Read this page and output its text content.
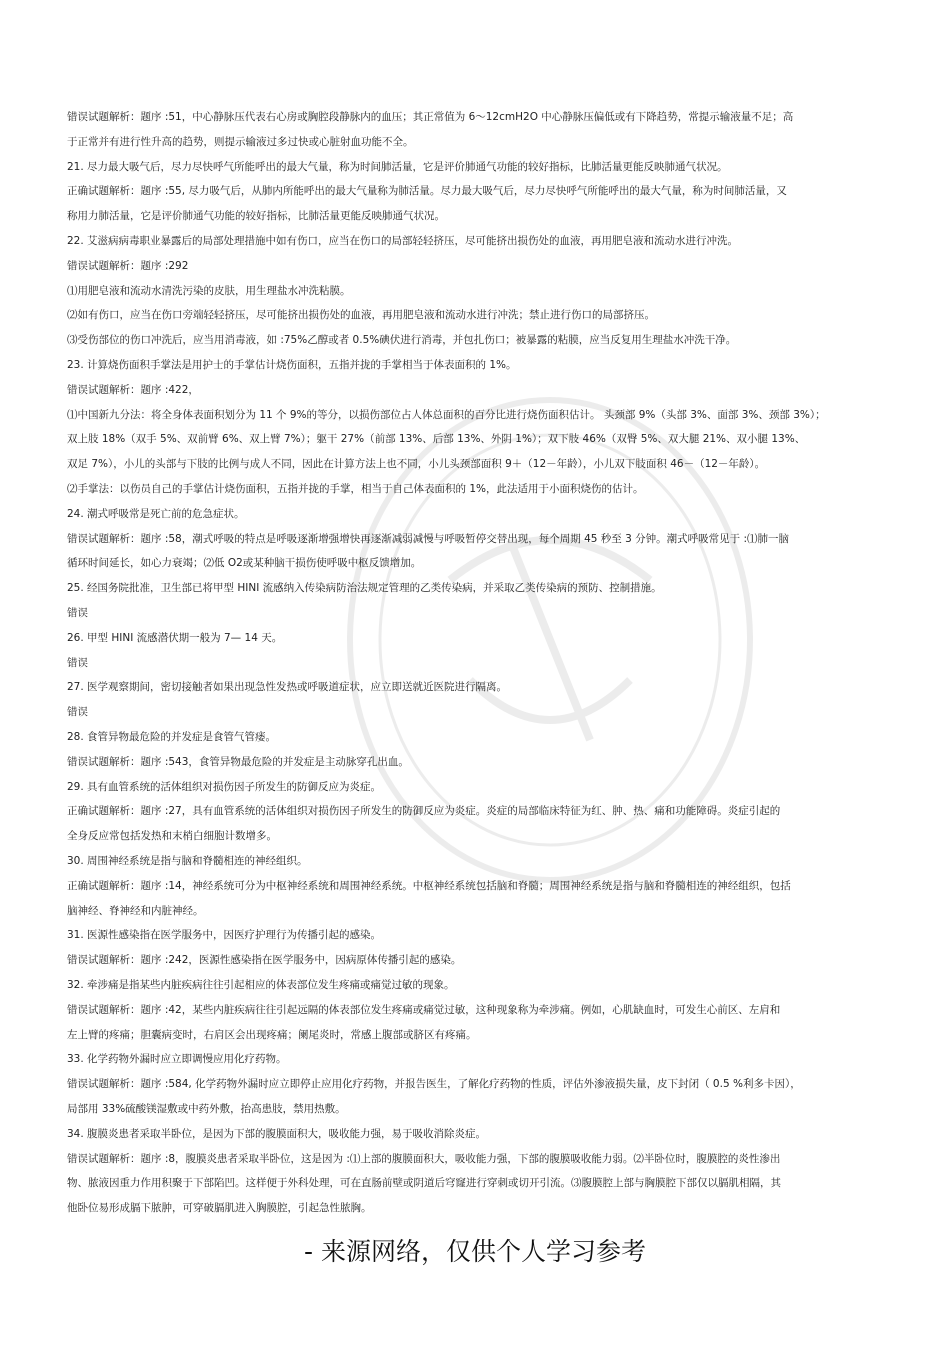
错误试题解析：题序 :51，中心静脉压代表右心房或胸腔段静脉内的血压；其正常值为 6～12cmH2O 中心静脉压偏低或有下降趋势，常提示输液量不足；高
于正常并有进行性升高的趋势，则提示输液过多过快或心脏射血功能不全。
21. 尽力最大吸气后，尽力尽快呼气所能呼出的最大气量，称为时间肺活量，它是评价肺通气功能的较好指标，比肺活量更能反映肺通气状况。
正确试题解析：题序 :55, 尽力吸气后，从肺内所能呼出的最大气量称为肺活量。尽力最大吸气后，尽力尽快呼气所能呼出的最大气量，称为时间肺活量，又
称用力肺活量，它是评价肺通气功能的较好指标，比肺活量更能反映肺通气状况。
22. 艾滋病病毒职业暴露后的局部处理措施中如有伤口，应当在伤口的局部轻轻挤压，尽可能挤出损伤处的血液，再用肥皂液和流动水进行冲洗。
错误试题解析：题序 :292
⑴用肥皂液和流动水清洗污染的皮肤，用生理盐水冲洗粘膜。
⑵如有伤口，应当在伤口旁端轻轻挤压，尽可能挤出损伤处的血液，再用肥皂液和流动水进行冲洗；禁止进行伤口的局部挤压。
⑶受伤部位的伤口冲洗后，应当用消毒液，如 :75%乙醇或者 0.5%碘伏进行消毒，并包扎伤口；被暴露的粘膜，应当反复用生理盐水冲洗干净。
23. 计算烧伤面积手掌法是用护士的手掌估计烧伤面积，五指并拢的手掌相当于体表面积的 1%。
错误试题解析：题序 :422，
⑴中国新九分法：将全身体表面积划分为 11 个 9%的等分，以损伤部位占人体总面积的百分比进行烧伤面积估计。 头颈部 9%（头部 3%、面部 3%、颈部 3%）；
双上肢 18%（双手 5%、双前臂 6%、双上臂 7%）；躯干 27%（前部 13%、后部 13%、外阴 1%）；双下肢 46%（双臀 5%、双大腿 21%、双小腿 13%、
双足 7%），小儿的头部与下肢的比例与成人不同，因此在计算方法上也不同，小儿头颈部面积 9＋（12－年龄），小儿双下肢面积 46－（12－年龄）。
⑵手掌法：以伤员自己的手掌估计烧伤面积，五指并拢的手掌，相当于自己体表面积的 1%，此法适用于小面积烧伤的估计。
24. 潮式呼吸常是死亡前的危急症状。
错误试题解析：题序 :58，潮式呼吸的特点是呼吸逐渐增强增快再逐渐减弱减慢与呼吸暂停交替出现，每个周期 45 秒至 3 分钟。潮式呼吸常见于 :⑴肺一脑
循环时间延长，如心力衰竭；⑵低 O2或某种脑干损伤使呼吸中枢反馈增加。
25. 经国务院批准，卫生部已将甲型 HINI 流感纳入传染病防治法规定管理的乙类传染病，并采取乙类传染病的预防、控制措施。
错误
26. 甲型 HINI 流感潜伏期一般为 7— 14 天。
错误
27. 医学观察期间，密切接触者如果出现急性发热或呼吸道症状，应立即送就近医院进行隔离。
错误
28. 食管异物最危险的并发症是食管气管瘘。
错误试题解析：题序 :543，食管异物最危险的并发症是主动脉穿孔出血。
29. 具有血管系统的活体组织对损伤因子所发生的防御反应为炎症。
正确试题解析：题序 :27，具有血管系统的活体组织对损伤因子所发生的防御反应为炎症。炎症的局部临床特征为红、肿、热、痛和功能障碍。炎症引起的
全身反应常包括发热和末梢白细胞计数增多。
30. 周围神经系统是指与脑和脊髓相连的神经组织。
正确试题解析：题序 :14，神经系统可分为中枢神经系统和周围神经系统。中枢神经系统包括脑和脊髓；周围神经系统是指与脑和脊髓相连的神经组织，包括
脑神经、脊神经和内脏神经。
31. 医源性感染指在医学服务中，因医疗护理行为传播引起的感染。
错误试题解析：题序 :242，医源性感染指在医学服务中，因病原体传播引起的感染。
32. 牵涉痛是指某些内脏疾病往往引起相应的体表部位发生疼痛或痛觉过敏的现象。
错误试题解析：题序 :42，某些内脏疾病往往引起远隔的体表部位发生疼痛或痛觉过敏，这种现象称为牵涉痛。例如，心肌缺血时，可发生心前区、左肩和
左上臂的疼痛；胆囊病变时，右肩区会出现疼痛；阑尾炎时，常感上腹部或脐区有疼痛。
33. 化学药物外漏时应立即调慢应用化疗药物。
错误试题解析：题序 :584, 化学药物外漏时应立即停止应用化疗药物，并报告医生，了解化疗药物的性质，评估外渗液损失量，皮下封闭（ 0.5 %利多卡因），
局部用 33%硫酸镁湿敷或中药外敷，抬高患肢，禁用热敷。
34. 腹膜炎患者采取半卧位，是因为下部的腹膜面积大，吸收能力强，易于吸收消除炎症。
错误试题解析：题序 :8，腹膜炎患者采取半卧位，这是因为 :⑴上部的腹膜面积大，吸收能力强，下部的腹膜吸收能力弱。⑵半卧位时，腹膜腔的炎性渗出
物、脓液因重力作用积聚于下部陷凹。这样便于外科处理，可在直肠前壁或阴道后穹窿进行穿刺或切开引流。⑶腹膜腔上部与胸膜腔下部仅以膈肌相隔，其
他卧位易形成膈下脓肿，可穿破膈肌进入胸膜腔，引起急性脓胸。
- 来源网络，仅供个人学习参考
